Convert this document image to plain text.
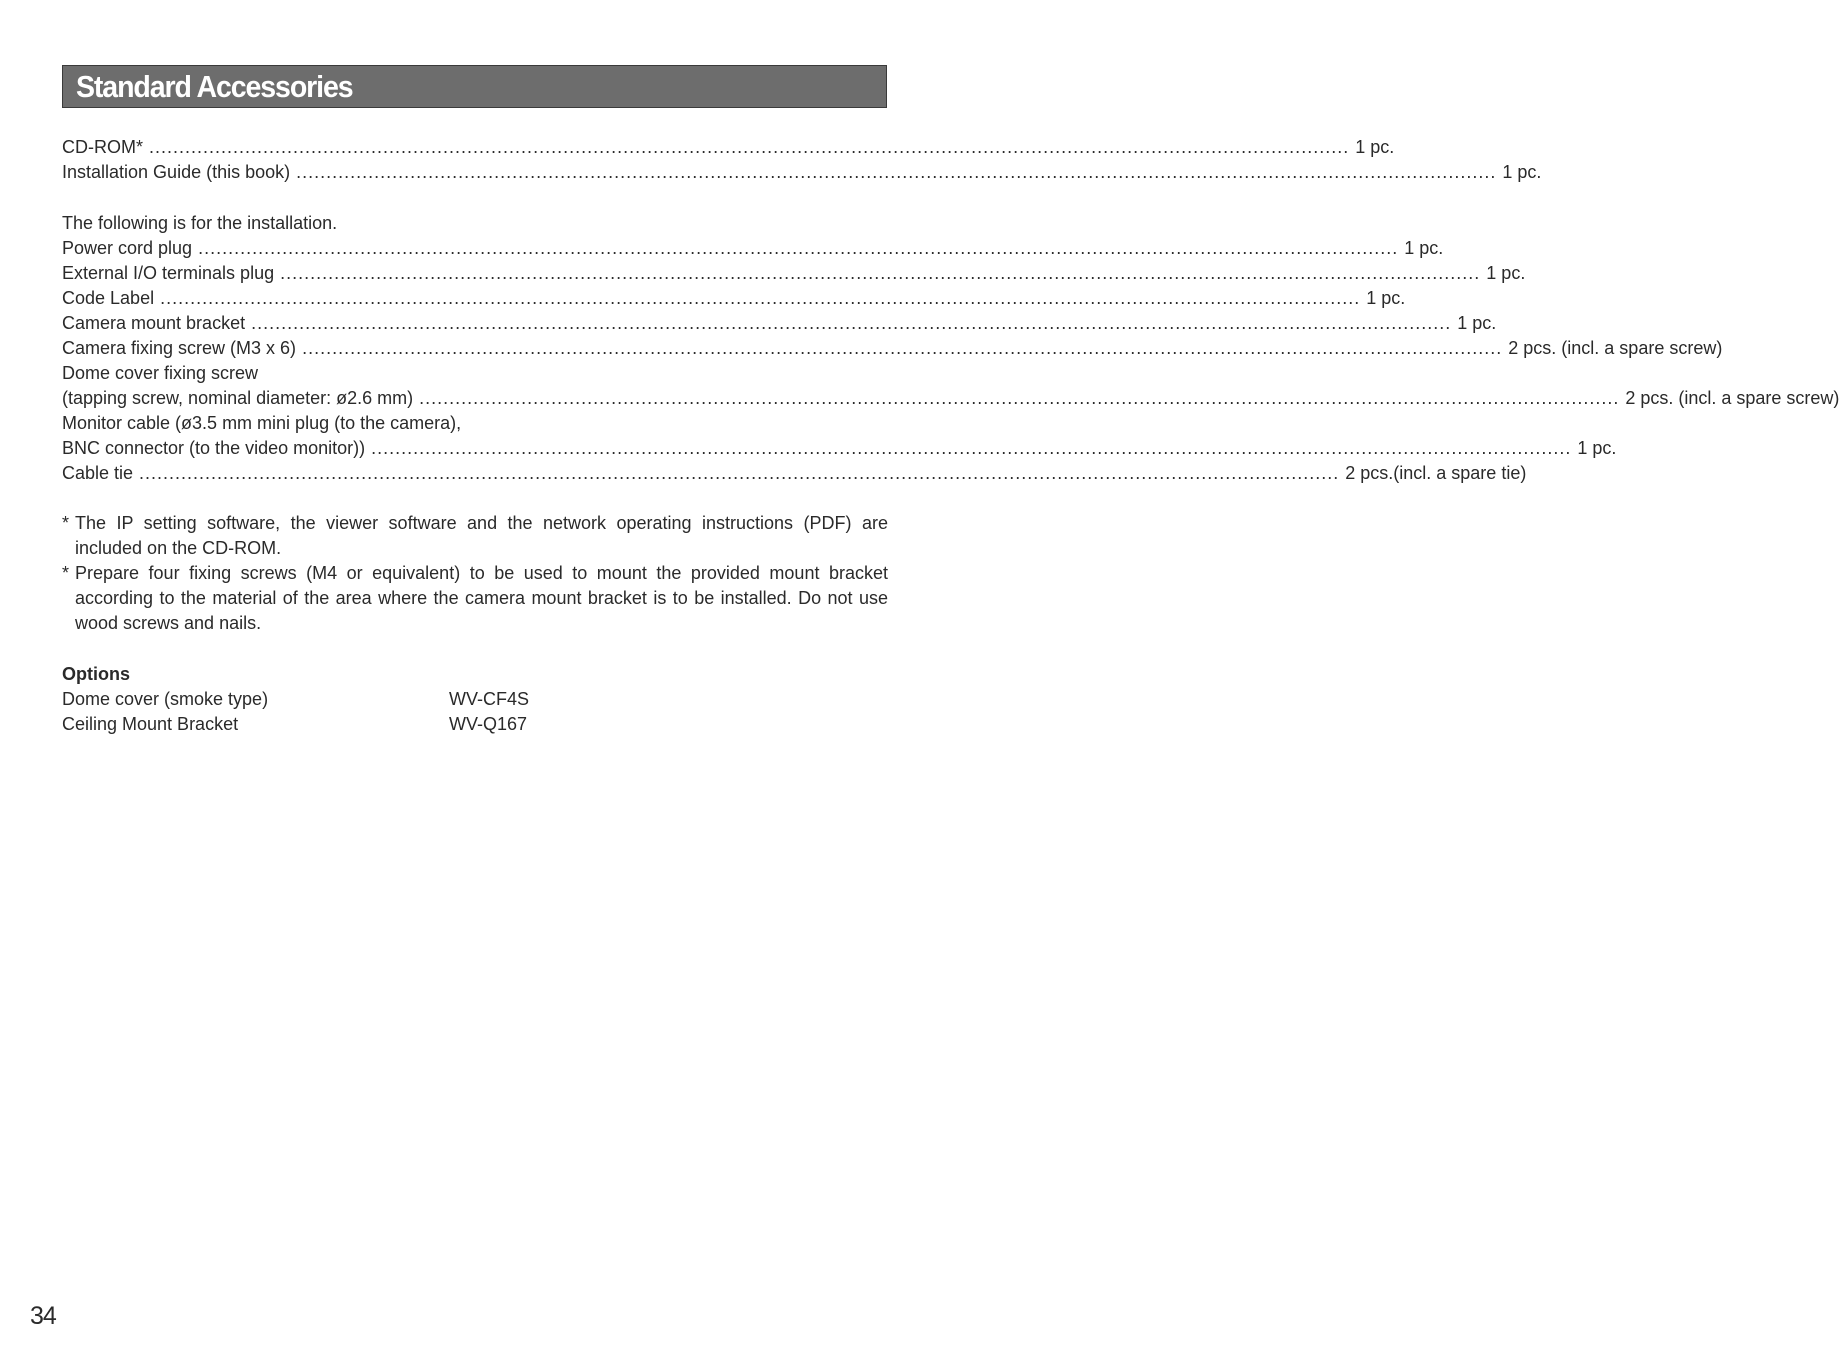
Standard Accessories
CD-ROM* ........................................................................................................................................................................................................ 1 pc.
Installation Guide (this book) ........................................................................................................................................................................................................ 1 pc.
The following is for the installation.
Power cord plug ........................................................................................................................................................................................................ 1 pc.
External I/O terminals plug ........................................................................................................................................................................................................ 1 pc.
Code Label ........................................................................................................................................................................................................ 1 pc.
Camera mount bracket ........................................................................................................................................................................................................ 1 pc.
Camera fixing screw (M3 x 6) ........................................................................................................................................................................................................ 2 pcs. (incl. a spare screw)
Dome cover fixing screw
(tapping screw, nominal diameter: ø2.6 mm) ........................................................................................................................................................................................................ 2 pcs. (incl. a spare screw)
Monitor cable (ø3.5 mm mini plug (to the camera),
BNC connector (to the video monitor)) ........................................................................................................................................................................................................ 1 pc.
Cable tie ........................................................................................................................................................................................................ 2 pcs.(incl. a spare tie)
* The IP setting software, the viewer software and the network operating instructions (PDF) are included on the CD-ROM.
* Prepare four fixing screws (M4 or equivalent) to be used to mount the provided mount bracket according to the material of the area where the camera mount bracket is to be installed. Do not use wood screws and nails.
Options
Dome cover (smoke type)	WV-CF4S
Ceiling Mount Bracket	WV-Q167
34
